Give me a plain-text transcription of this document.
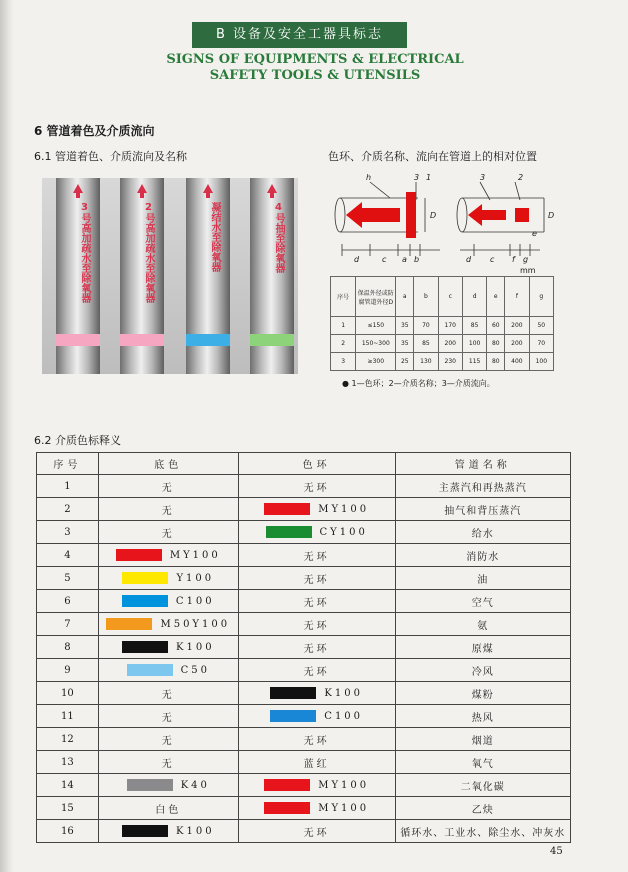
B 设备及安全工器具标志
SIGNS OF EQUIPMENTS & ELECTRICAL
SAFETY TOOLS & UTENSILS
6 管道着色及介质流向
6.1 管道着色、介质流向及名称	色环、介质名称、流向在管道上的相对位置
3号高加疏水至除氧器	2号高加疏水至除氧器	凝结水至除氧器	4号抽至除氧器
h	3 1	3	2
d	c a b
D
d c f g
D
e
mm
序号	保温外径或防腐管道外径D	a	b	c	d	e	f	g
1	≤150	35	70	170	85	60	200	50
2	150~300	35	85	200	100	80	200	70
3	≥300	25	130	230	115	80	400	100
● 1—色环；2—介质名称；3—介质流向。
6.2 介质色标释义
序号	底色	色环	管道名称
1	无	无环	主蒸汽和再热蒸汽
2	无	MY100	抽气和背压蒸汽
3	无	CY100	给水
4	MY100	无环	消防水
5	Y100	无环	油
6	C100	无环	空气
7	M50Y100	无环	氨
8	K100	无环	原煤
9	C50	无环	冷风
10	无	K100	煤粉
11	无	C100	热风
12	无	无环	烟道
13	无	蓝红	氧气
14	K40	MY100	二氧化碳
15	白色	MY100	乙炔
16	K100	无环	循环水、工业水、除尘水、冲灰水
45
